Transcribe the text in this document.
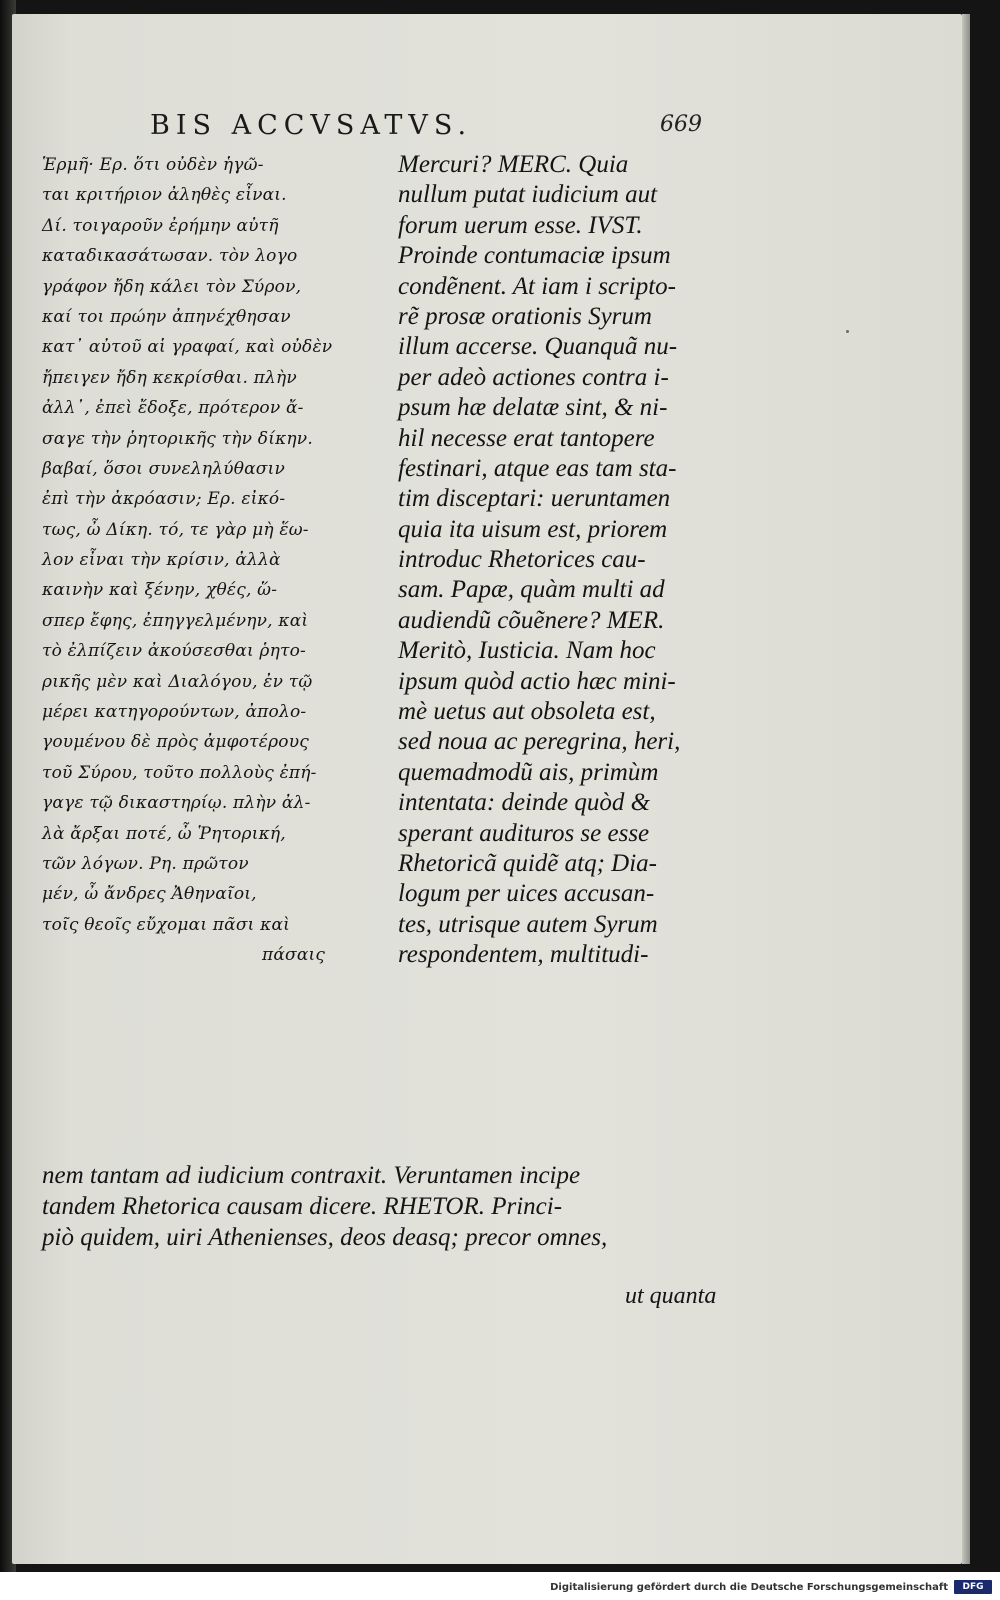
BIS ACCVSATVS.	669
Ἑρμῆ· Ερ. ὅτι οὐδὲν ἡγῶ-
ται κριτήριον ἀληθὲς εἶναι.
Δί. τοιγαροῦν ἐρήμην αὐτῆ
καταδικασάτωσαν. τὸν λογο
γράφον ἤδη κάλει τὸν Σύρον,
καί τοι πρώην ἀπηνέχθησαν
κατ᾽ αὐτοῦ αἱ γραφαί, καὶ οὐδὲν
ἤπειγεν ἤδη κεκρίσθαι. πλὴν
ἀλλ᾽, ἐπεὶ ἔδοξε, πρότερον ἄ-
σαγε τὴν ῥητορικῆς τὴν δίκην.
βαβαί, ὅσοι συνεληλύθασιν
ἐπὶ τὴν ἀκρόασιν; Ερ. εἰκό-
τως, ὦ Δίκη. τό, τε γὰρ μὴ ἕω-
λον εἶναι τὴν κρίσιν, ἀλλὰ
καινὴν καὶ ξένην, χθές, ὥ-
σπερ ἔφης, ἐπηγγελμένην, καὶ
τὸ ἐλπίζειν ἀκούσεσθαι ῥητο-
ρικῆς μὲν καὶ Διαλόγου, ἐν τῷ
μέρει κατηγορούντων, ἀπολο-
γουμένου δὲ πρὸς ἀμφοτέρους
τοῦ Σύρου, τοῦτο πολλοὺς ἐπή-
γαγε τῷ δικαστηρίῳ. πλὴν ἀλ-
λὰ ἄρξαι ποτέ, ὦ Ῥητορική,
τῶν λόγων. Ρη. πρῶτον
μέν, ὦ ἄνδρες Ἀθηναῖοι,
τοῖς θεοῖς εὔχομαι πᾶσι καὶ
πάσαις
Mercuri? MERC. Quia
nullum putat iudicium aut
forum uerum esse. IVST.
Proinde contumaciæ ipsum
condẽnent. At iam i scripto-
rẽ prosæ orationis Syrum
illum accerse. Quanquã nu-
per adeò actiones contra i-
psum hæ delatæ sint, & ni-
hil necesse erat tantopere
festinari, atque eas tam sta-
tim disceptari: ueruntamen
quia ita uisum est, priorem
introduc Rhetorices cau-
sam. Papæ, quàm multi ad
audiendũ cõuẽnere? MER.
Meritò, Iusticia. Nam hoc
ipsum quòd actio hæc mini-
mè uetus aut obsoleta est,
sed noua ac peregrina, heri,
quemadmodũ ais, primùm
intentata: deinde quòd &
sperant audituros se esse
Rhetoricã quidẽ atq; Dia-
logum per uices accusan-
tes, utrisque autem Syrum
respondentem, multitudi-
nem tantam ad iudicium contraxit. Veruntamen incipe
tandem Rhetorica causam dicere. RHETOR. Princi-
piò quidem, uiri Athenienses, deos deasq; precor omnes,
ut quanta
Digitalisierung gefördert durch die Deutsche Forschungsgemeinschaft	DFG
